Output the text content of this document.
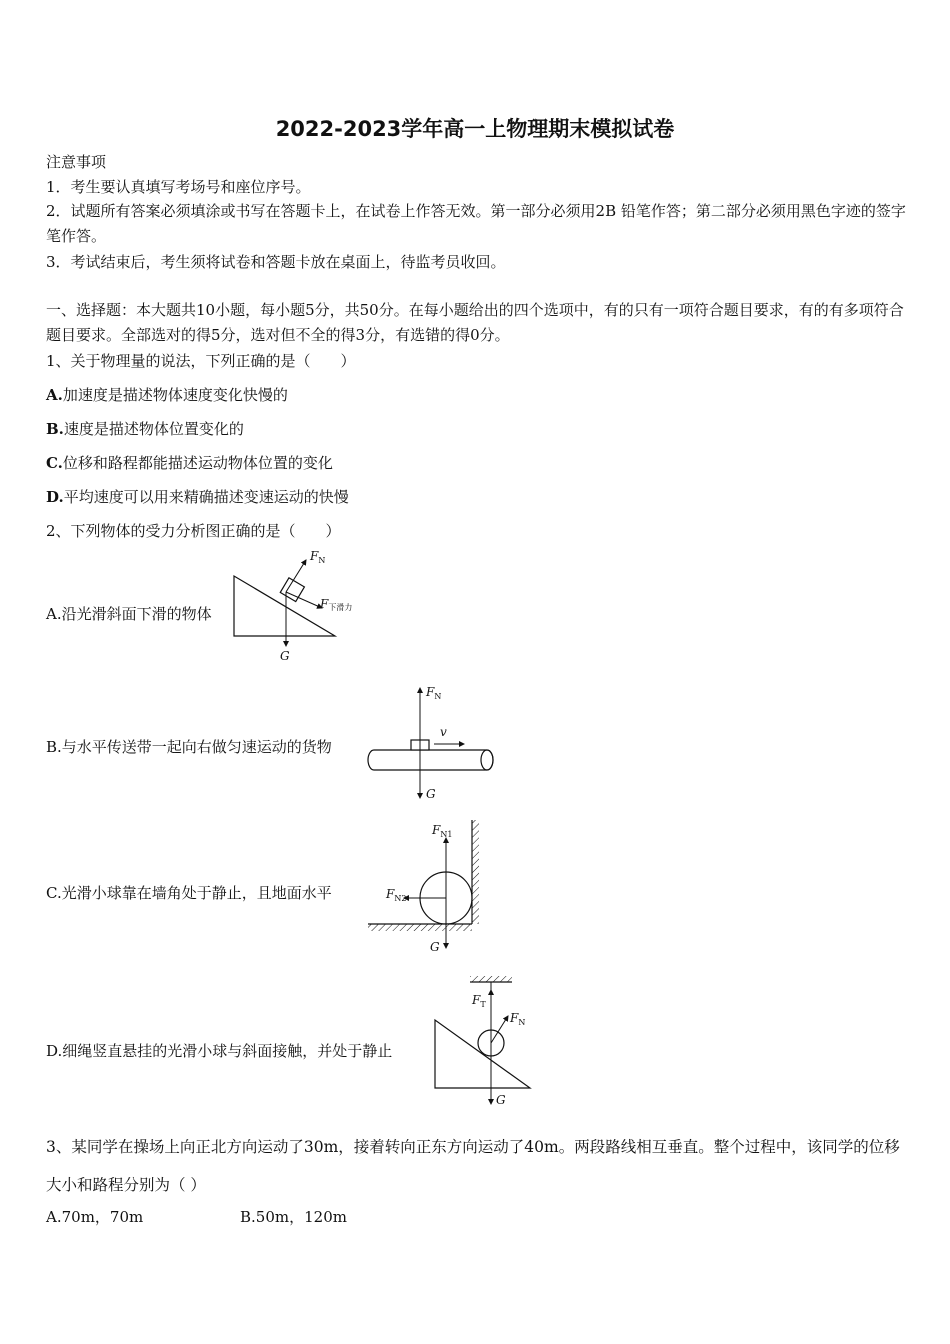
2022-2023学年高一上物理期末模拟试卷
注意事项
1．考生要认真填写考场号和座位序号。
2．试题所有答案必须填涂或书写在答题卡上，在试卷上作答无效。第一部分必须用2B 铅笔作答；第二部分必须用黑色字迹的签字笔作答。
3．考试结束后，考生须将试卷和答题卡放在桌面上，待监考员收回。
一、选择题：本大题共10小题，每小题5分，共50分。在每小题给出的四个选项中，有的只有一项符合题目要求，有的有多项符合题目要求。全部选对的得5分，选对但不全的得3分，有选错的得0分。
1、关于物理量的说法，下列正确的是（　　）
A.加速度是描述物体速度变化快慢的
B.速度是描述物体位置变化的
C.位移和路程都能描述运动物体位置的变化
D.平均速度可以用来精确描述变速运动的快慢
2、下列物体的受力分析图正确的是（　　）
A.沿光滑斜面下滑的物体
$F_N$
F下滑力
G
B.与水平传送带一起向右做匀速运动的货物
$F_N$
v
G
C.光滑小球靠在墙角处于静止，且地面水平
$F_{N1}$
$F_{N2}$
G
D.细绳竖直悬挂的光滑小球与斜面接触，并处于静止
$F_T$
$F_N$
G
3、某同学在操场上向正北方向运动了30m，接着转向正东方向运动了40m。两段路线相互垂直。整个过程中，该同学的位移大小和路程分别为（ ）
A.70m，70m	B.50m，120m
